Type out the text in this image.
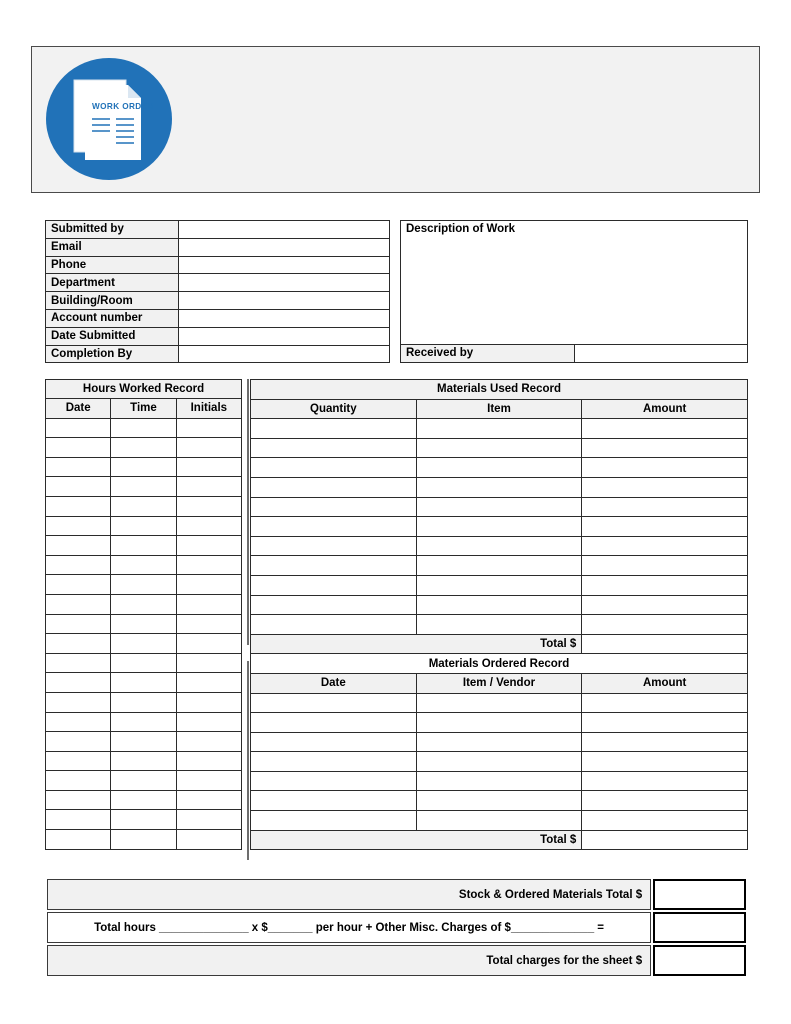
WORK ORDER
Submitted by	
Email	
Phone	
Department	
Building/Room	
Account number	
Date Submitted	
Completion By	
Description of Work
Received by	
Hours Worked Record		
Date	Time	Initials

Materials Used Record		
Quantity	Item	Amount

Total $		
Materials Ordered Record		
Date	Item / Vendor	Amount

Total $		
Stock & Ordered Materials Total $	
Total hours ______________ x $_______ per hour + Other Misc. Charges of $_____________ =	
Total charges for the sheet $	
